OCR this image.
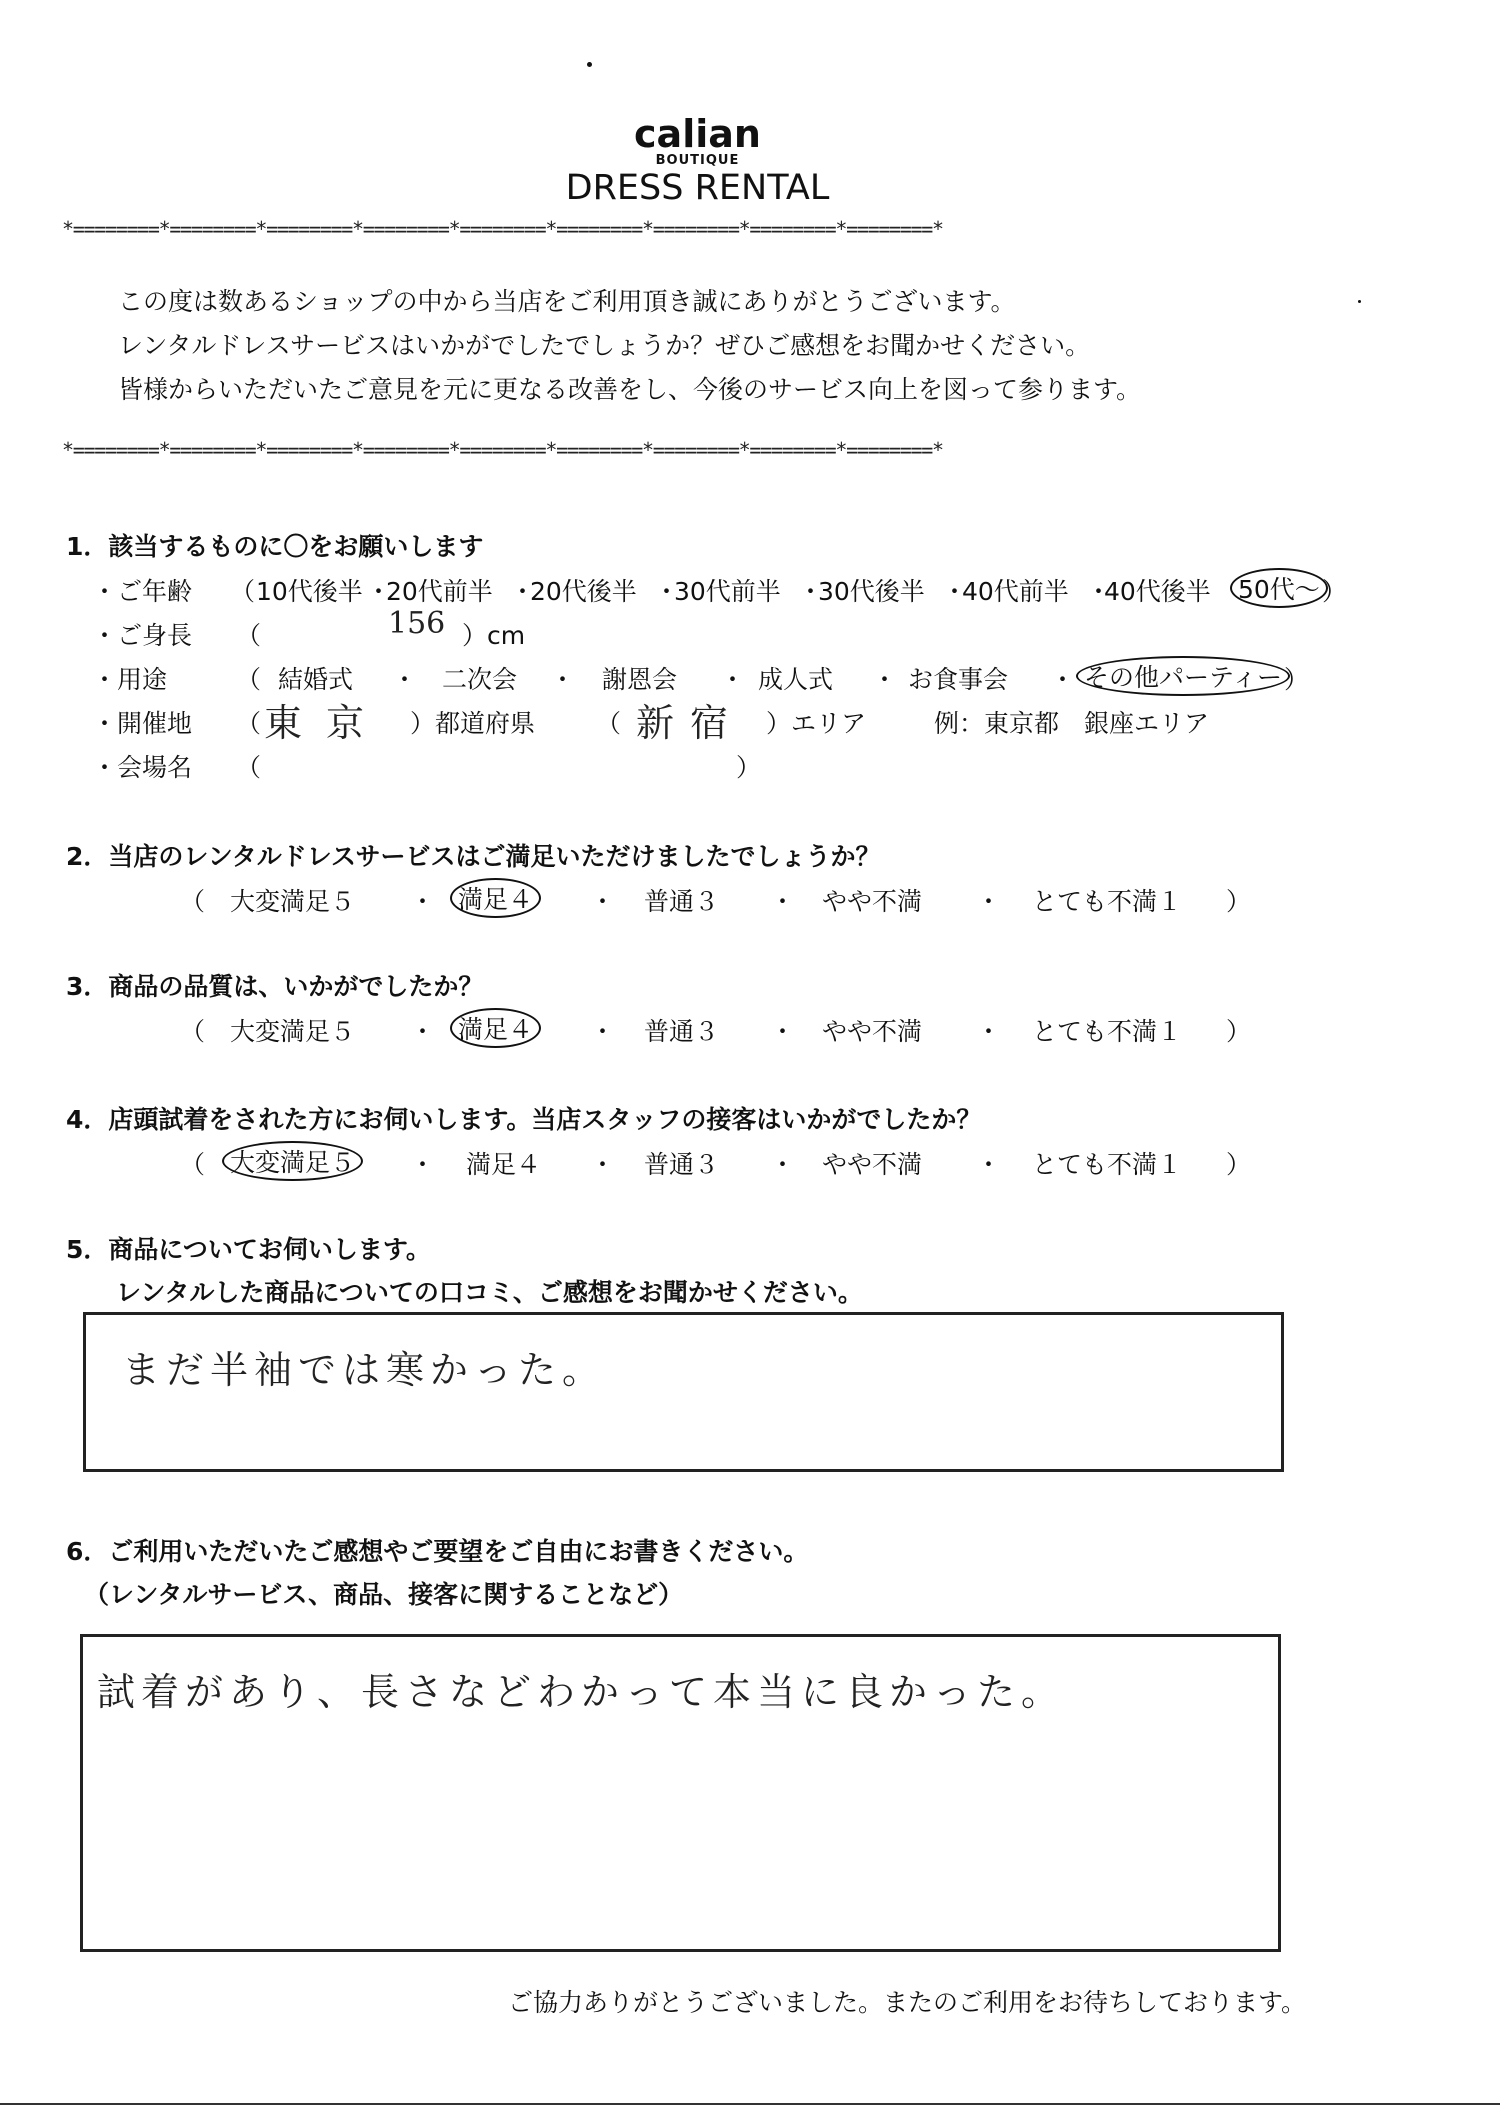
calian
BOUTIQUE
DRESS RENTAL
*========*========*========*========*========*========*========*========*========*
この度は数あるショップの中から当店をご利用頂き誠にありがとうございます。
レンタルドレスサービスはいかがでしたでしょうか？ぜひご感想をお聞かせください。
皆様からいただいたご意見を元に更なる改善をし、今後のサービス向上を図って参ります。
*========*========*========*========*========*========*========*========*========*
1．該当するものに〇をお願いします
・ご年齢 （ 10代後半 ・
20代前半 ・
20代後半 ・
30代前半 ・
30代後半 ・
40代前半 ・
40代後半	50代～ ）
・ご身長 （	156 ）cm
・用途	（ 結婚式 ・ 二次会 ・ 謝恩会 ・ 成人式 ・ お食事会 ・ その他パーティー ）
・開催地 （ 東京 ）都道府県 （ 新宿 ）エリア	例：東京都　銀座エリア
・会場名 （	）
2．当店のレンタルドレスサービスはご満足いただけましたでしょうか？
（ 大変満足５ ・ 満足４	・ 普通３ ・ やや不満 ・ とても不満１ ）
3．商品の品質は、いかがでしたか？
（ 大変満足５ ・ 満足４	・ 普通３ ・ やや不満 ・ とても不満１ ）
4．店頭試着をされた方にお伺いします。当店スタッフの接客はいかがでしたか？
（ 大変満足５	・ 満足４ ・ 普通３ ・ やや不満 ・ とても不満１ ）
5．商品についてお伺いします。
レンタルした商品についての口コミ、ご感想をお聞かせください。
まだ半袖では寒かった。
6．ご利用いただいたご感想やご要望をご自由にお書きください。
（レンタルサービス、商品、接客に関することなど）
試着があり、長さなどわかって本当に良かった。
ご協力ありがとうございました。またのご利用をお待ちしております。
